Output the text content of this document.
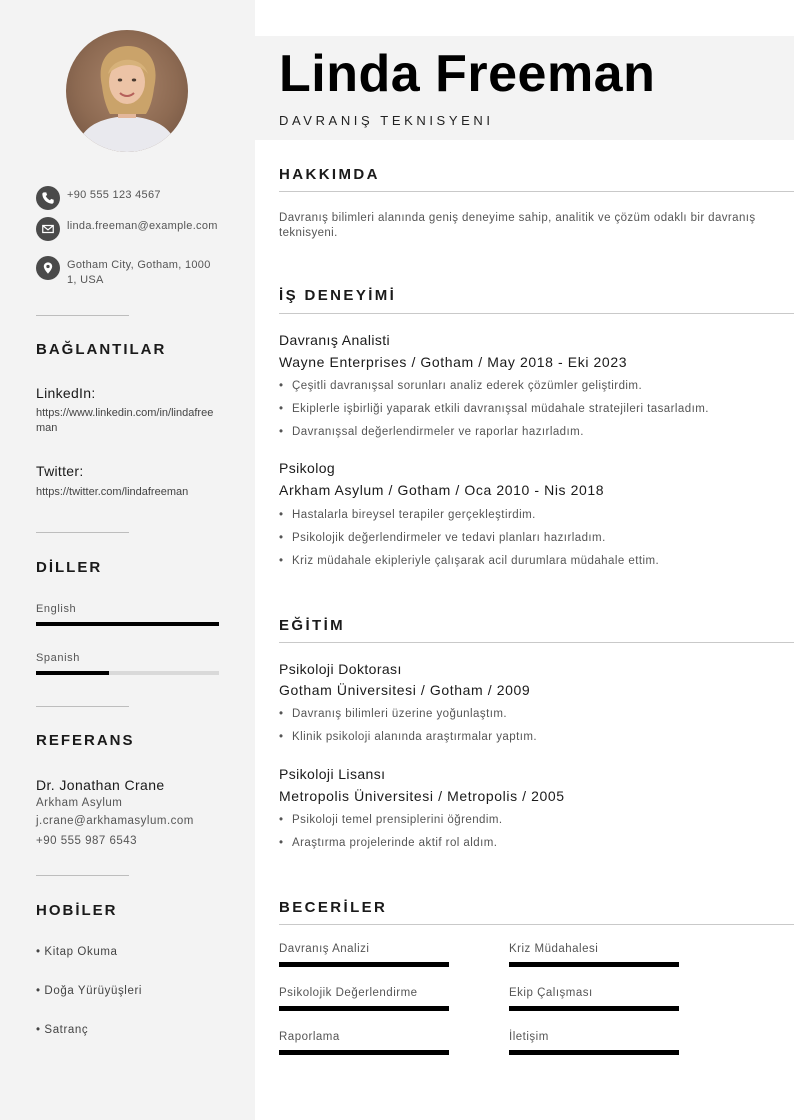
+90 555 123 4567
linda.freeman@example.com
Gotham City, Gotham, 10001, USA
BAĞLANTILAR
LinkedIn:
https://www.linkedin.com/in/lindafreeman
Twitter:
https://twitter.com/lindafreeman
DİLLER
English
Spanish
REFERANS
Dr. Jonathan Crane
Arkham Asylum
j.crane@arkhamasylum.com
+90 555 987 6543
HOBİLER
• Kitap Okuma
• Doğa Yürüyüşleri
• Satranç
Linda Freeman
DAVRANIŞ TEKNISYENI
HAKKIMDA
Davranış bilimleri alanında geniş deneyime sahip, analitik ve çözüm odaklı bir davranış teknisyeni.
İŞ DENEYİMİ
Davranış Analisti
Wayne Enterprises / Gotham / May 2018 - Eki 2023
• Çeşitli davranışsal sorunları analiz ederek çözümler geliştirdim.
• Ekiplerle işbirliği yaparak etkili davranışsal müdahale stratejileri tasarladım.
• Davranışsal değerlendirmeler ve raporlar hazırladım.
Psikolog
Arkham Asylum / Gotham / Oca 2010 - Nis 2018
• Hastalarla bireysel terapiler gerçekleştirdim.
• Psikolojik değerlendirmeler ve tedavi planları hazırladım.
• Kriz müdahale ekipleriyle çalışarak acil durumlara müdahale ettim.
EĞİTİM
Psikoloji Doktorası
Gotham Üniversitesi / Gotham / 2009
• Davranış bilimleri üzerine yoğunlaştım.
• Klinik psikoloji alanında araştırmalar yaptım.
Psikoloji Lisansı
Metropolis Üniversitesi / Metropolis / 2005
• Psikoloji temel prensiplerini öğrendim.
• Araştırma projelerinde aktif rol aldım.
BECERİLER
Davranış Analizi	Kriz Müdahalesi
Psikolojik Değerlendirme	Ekip Çalışması
Raporlama	İletişim
